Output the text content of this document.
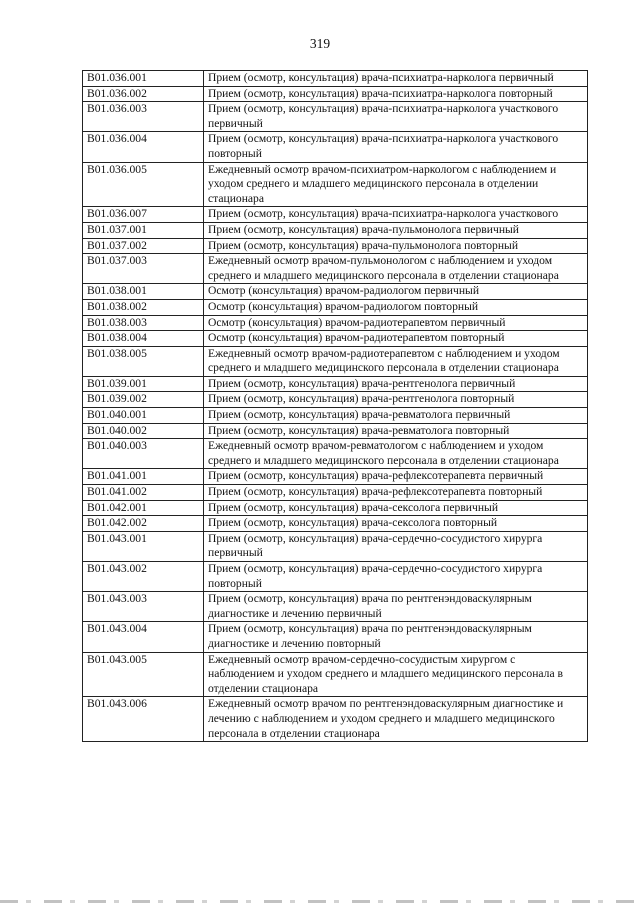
319
B01.036.001	Прием (осмотр, консультация) врача-психиатра-нарколога первичный
B01.036.002	Прием (осмотр, консультация) врача-психиатра-нарколога повторный
B01.036.003	Прием (осмотр, консультация) врача-психиатра-нарколога участкового первичный
B01.036.004	Прием (осмотр, консультация) врача-психиатра-нарколога участкового повторный
B01.036.005	Ежедневный осмотр врачом-психиатром-наркологом с наблюдением и уходом среднего и младшего медицинского персонала в отделении стационара
B01.036.007	Прием (осмотр, консультация) врача-психиатра-нарколога участкового
B01.037.001	Прием (осмотр, консультация) врача-пульмонолога первичный
B01.037.002	Прием (осмотр, консультация) врача-пульмонолога повторный
B01.037.003	Ежедневный осмотр врачом-пульмонологом с наблюдением и уходом среднего и младшего медицинского персонала в отделении стационара
B01.038.001	Осмотр (консультация) врачом-радиологом первичный
B01.038.002	Осмотр (консультация) врачом-радиологом повторный
B01.038.003	Осмотр (консультация) врачом-радиотерапевтом первичный
B01.038.004	Осмотр (консультация) врачом-радиотерапевтом повторный
B01.038.005	Ежедневный осмотр врачом-радиотерапевтом с наблюдением и уходом среднего и младшего медицинского персонала в отделении стационара
B01.039.001	Прием (осмотр, консультация) врача-рентгенолога первичный
B01.039.002	Прием (осмотр, консультация) врача-рентгенолога повторный
B01.040.001	Прием (осмотр, консультация) врача-ревматолога первичный
B01.040.002	Прием (осмотр, консультация) врача-ревматолога повторный
B01.040.003	Ежедневный осмотр врачом-ревматологом с наблюдением и уходом среднего и младшего медицинского персонала в отделении стационара
B01.041.001	Прием (осмотр, консультация) врача-рефлексотерапевта первичный
B01.041.002	Прием (осмотр, консультация) врача-рефлексотерапевта повторный
B01.042.001	Прием (осмотр, консультация) врача-сексолога первичный
B01.042.002	Прием (осмотр, консультация) врача-сексолога повторный
B01.043.001	Прием (осмотр, консультация) врача-сердечно-сосудистого хирурга первичный
B01.043.002	Прием (осмотр, консультация) врача-сердечно-сосудистого хирурга повторный
B01.043.003	Прием (осмотр, консультация) врача по рентгенэндоваскулярным диагностике и лечению первичный
B01.043.004	Прием (осмотр, консультация) врача по рентгенэндоваскулярным диагностике и лечению повторный
B01.043.005	Ежедневный осмотр врачом-сердечно-сосудистым хирургом с наблюдением и уходом среднего и младшего медицинского персонала в отделении стационара
B01.043.006	Ежедневный осмотр врачом по рентгенэндоваскулярным диагностике и лечению с наблюдением и уходом среднего и младшего медицинского персонала в отделении стационара
